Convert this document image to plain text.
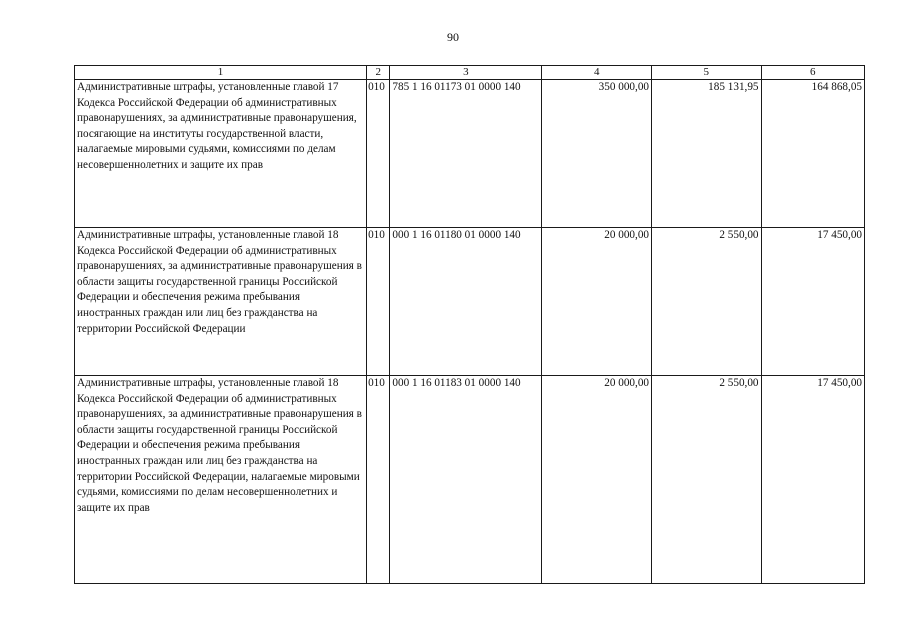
90
1	2	3	4	5	6
Административные штрафы, установленные главой 17 Кодекса Российской Федерации об административных правонарушениях, за административные правонарушения, посягающие на институты государственной власти, налагаемые мировыми судьями, комиссиями по делам несовершеннолетних и защите их прав	010	785 1 16 01173 01 0000 140	350 000,00	185 131,95	164 868,05
Административные штрафы, установленные главой 18 Кодекса Российской Федерации об административных правонарушениях, за административные правонарушения в области защиты государственной границы Российской Федерации и обеспечения режима пребывания иностранных граждан или лиц без гражданства на территории Российской Федерации	010	000 1 16 01180 01 0000 140	20 000,00	2 550,00	17 450,00
Административные штрафы, установленные главой 18 Кодекса Российской Федерации об административных правонарушениях, за административные правонарушения в области защиты государственной границы Российской Федерации и обеспечения режима пребывания иностранных граждан или лиц без гражданства на территории Российской Федерации, налагаемые мировыми судьями, комиссиями по делам несовершеннолетних и защите их прав	010	000 1 16 01183 01 0000 140	20 000,00	2 550,00	17 450,00
